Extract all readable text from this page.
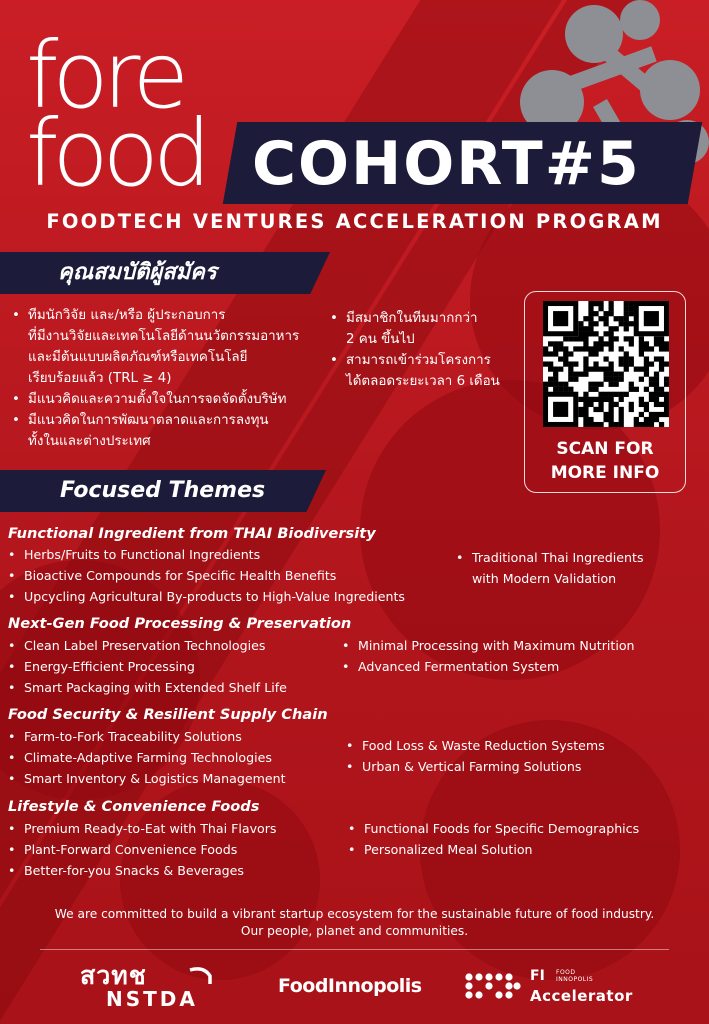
fore
food COHORT#5
FOODTECH VENTURES ACCELERATION PROGRAM
คุณสมบัติผู้สมัคร
• ทีมนักวิจัย และ/หรือ ผู้ประกอบการ
ที่มีงานวิจัยและเทคโนโลยีด้านนวัตกรรมอาหาร
และมีต้นแบบผลิตภัณฑ์หรือเทคโนโลยี
เรียบร้อยแล้ว (TRL ≥ 4)
• มีแนวคิดและความตั้งใจในการจดจัดตั้งบริษัท
• มีแนวคิดในการพัฒนาตลาดและการลงทุน
ทั้งในและต่างประเทศ
• มีสมาชิกในทีมมากกว่า
2 คน ขึ้นไป
• สามารถเข้าร่วมโครงการ
ได้ตลอดระยะเวลา 6 เดือน
SCAN FOR
MORE INFO
Focused Themes
Functional Ingredient from THAI Biodiversity
• Herbs/Fruits to Functional Ingredients
• Bioactive Compounds for Specific Health Benefits
• Upcycling Agricultural By-products to High-Value Ingredients
• Traditional Thai Ingredients
with Modern Validation
Next-Gen Food Processing & Preservation
• Clean Label Preservation Technologies
• Energy-Efficient Processing
• Smart Packaging with Extended Shelf Life
• Minimal Processing with Maximum Nutrition
• Advanced Fermentation System
Food Security & Resilient Supply Chain
• Farm-to-Fork Traceability Solutions
• Climate-Adaptive Farming Technologies
• Smart Inventory & Logistics Management
• Food Loss & Waste Reduction Systems
• Urban & Vertical Farming Solutions
Lifestyle & Convenience Foods
• Premium Ready-to-Eat with Thai Flavors
• Plant-Forward Convenience Foods
• Better-for-you Snacks & Beverages
• Functional Foods for Specific Demographics
• Personalized Meal Solution
We are committed to build a vibrant startup ecosystem for the sustainable future of food industry.
Our people, planet and communities.
สวทช
NSTDA
FoodInnopolis	FI FOOD
INNOPOLIS
Accelerator
